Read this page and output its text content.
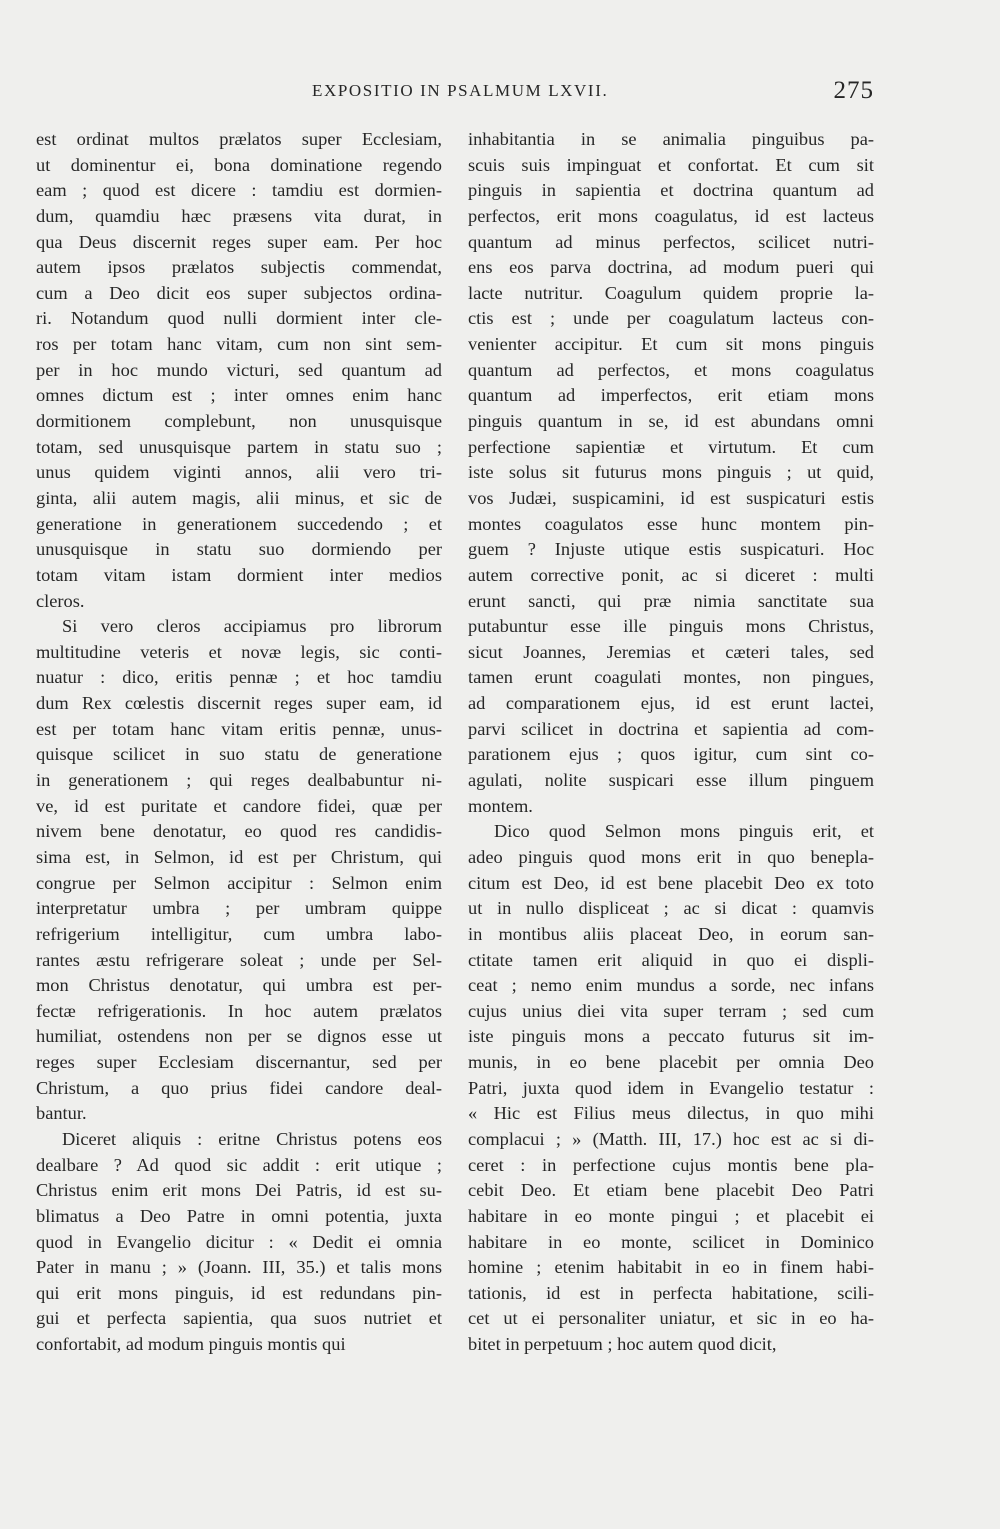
EXPOSITIO IN PSALMUM LXVII.	275
est ordinat multos prælatos super Ecclesiam,
ut dominentur ei, bona dominatione regendo
eam ; quod est dicere : tamdiu est dormien-
dum, quamdiu hæc præsens vita durat, in
qua Deus discernit reges super eam. Per hoc
autem ipsos prælatos subjectis commendat,
cum a Deo dicit eos super subjectos ordina-
ri. Notandum quod nulli dormient inter cle-
ros per totam hanc vitam, cum non sint sem-
per in hoc mundo victuri, sed quantum ad
omnes dictum est ; inter omnes enim hanc
dormitionem complebunt, non unusquisque
totam, sed unusquisque partem in statu suo ;
unus quidem viginti annos, alii vero tri-
ginta, alii autem magis, alii minus, et sic de
generatione in generationem succedendo ; et
unusquisque in statu suo dormiendo per
totam vitam istam dormient inter medios
cleros.
Si vero cleros accipiamus pro librorum
multitudine veteris et novæ legis, sic conti-
nuatur : dico, eritis pennæ ; et hoc tamdiu
dum Rex cœlestis discernit reges super eam, id
est per totam hanc vitam eritis pennæ, unus-
quisque scilicet in suo statu de generatione
in generationem ; qui reges dealbabuntur ni-
ve, id est puritate et candore fidei, quæ per
nivem bene denotatur, eo quod res candidis-
sima est, in Selmon, id est per Christum, qui
congrue per Selmon accipitur : Selmon enim
interpretatur umbra ; per umbram quippe
refrigerium intelligitur, cum umbra labo-
rantes æstu refrigerare soleat ; unde per Sel-
mon Christus denotatur, qui umbra est per-
fectæ refrigerationis. In hoc autem prælatos
humiliat, ostendens non per se dignos esse ut
reges super Ecclesiam discernantur, sed per
Christum, a quo prius fidei candore deal-
bantur.
Diceret aliquis : eritne Christus potens eos
dealbare ? Ad quod sic addit : erit utique ;
Christus enim erit mons Dei Patris, id est su-
blimatus a Deo Patre in omni potentia, juxta
quod in Evangelio dicitur : « Dedit ei omnia
Pater in manu ; » (Joann. III, 35.) et talis mons
qui erit mons pinguis, id est redundans pin-
gui et perfecta sapientia, qua suos nutriet et
confortabit, ad modum pinguis montis qui
inhabitantia in se animalia pinguibus pa-
scuis suis impinguat et confortat. Et cum sit
pinguis in sapientia et doctrina quantum ad
perfectos, erit mons coagulatus, id est lacteus
quantum ad minus perfectos, scilicet nutri-
ens eos parva doctrina, ad modum pueri qui
lacte nutritur. Coagulum quidem proprie la-
ctis est ; unde per coagulatum lacteus con-
venienter accipitur. Et cum sit mons pinguis
quantum ad perfectos, et mons coagulatus
quantum ad imperfectos, erit etiam mons
pinguis quantum in se, id est abundans omni
perfectione sapientiæ et virtutum. Et cum
iste solus sit futurus mons pinguis ; ut quid,
vos Judæi, suspicamini, id est suspicaturi estis
montes coagulatos esse hunc montem pin-
guem ? Injuste utique estis suspicaturi. Hoc
autem corrective ponit, ac si diceret : multi
erunt sancti, qui præ nimia sanctitate sua
putabuntur esse ille pinguis mons Christus,
sicut Joannes, Jeremias et cæteri tales, sed
tamen erunt coagulati montes, non pingues,
ad comparationem ejus, id est erunt lactei,
parvi scilicet in doctrina et sapientia ad com-
parationem ejus ; quos igitur, cum sint co-
agulati, nolite suspicari esse illum pinguem
montem.
Dico quod Selmon mons pinguis erit, et
adeo pinguis quod mons erit in quo benepla-
citum est Deo, id est bene placebit Deo ex toto
ut in nullo displiceat ; ac si dicat : quamvis
in montibus aliis placeat Deo, in eorum san-
ctitate tamen erit aliquid in quo ei displi-
ceat ; nemo enim mundus a sorde, nec infans
cujus unius diei vita super terram ; sed cum
iste pinguis mons a peccato futurus sit im-
munis, in eo bene placebit per omnia Deo
Patri, juxta quod idem in Evangelio testatur :
« Hic est Filius meus dilectus, in quo mihi
complacui ; » (Matth. III, 17.) hoc est ac si di-
ceret : in perfectione cujus montis bene pla-
cebit Deo. Et etiam bene placebit Deo Patri
habitare in eo monte pingui ; et placebit ei
habitare in eo monte, scilicet in Dominico
homine ; etenim habitabit in eo in finem habi-
tationis, id est in perfecta habitatione, scili-
cet ut ei personaliter uniatur, et sic in eo ha-
bitet in perpetuum ; hoc autem quod dicit,
